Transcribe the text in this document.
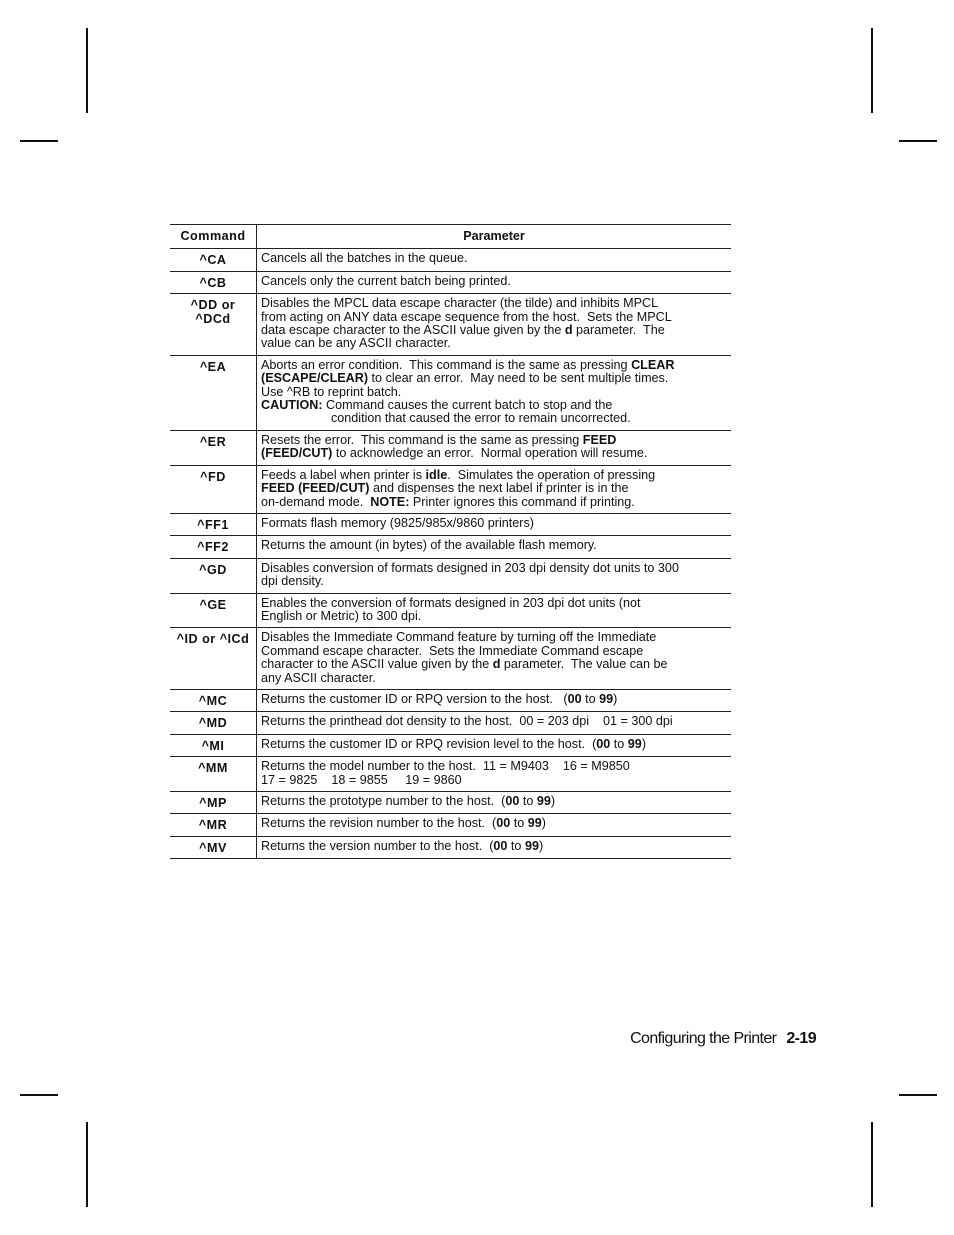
Command	Parameter

^CA	Cancels all the batches in the queue.

^CB	Cancels only the current batch being printed.

^DD or
^DCd	Disables the MPCL data escape character (the tilde) and inhibits MPCL
from acting on ANY data escape sequence from the host.  Sets the MPCL
data escape character to the ASCII value given by the d parameter.  The
value can be any ASCII character.

^EA	Aborts an error condition.  This command is the same as pressing CLEAR
(ESCAPE/CLEAR) to clear an error.  May need to be sent multiple times.
Use ^RB to reprint batch.
CAUTION: Command causes the current batch to stop and the
condition that caused the error to remain uncorrected.

^ER	Resets the error.  This command is the same as pressing FEED
(FEED/CUT) to acknowledge an error.  Normal operation will resume.

^FD	Feeds a label when printer is idle.  Simulates the operation of pressing
FEED (FEED/CUT) and dispenses the next label if printer is in the
on-demand mode.  NOTE: Printer ignores this command if printing.

^FF1	Formats flash memory (9825/985x/9860 printers)

^FF2	Returns the amount (in bytes) of the available flash memory.

^GD	Disables conversion of formats designed in 203 dpi density dot units to 300
dpi density.

^GE	Enables the conversion of formats designed in 203 dpi dot units (not
English or Metric) to 300 dpi.

^ID or ^ICd	Disables the Immediate Command feature by turning off the Immediate
Command escape character.  Sets the Immediate Command escape
character to the ASCII value given by the d parameter.  The value can be
any ASCII character.

^MC	Returns the customer ID or RPQ version to the host.   (00 to 99)

^MD	Returns the printhead dot density to the host.  00 = 203 dpi    01 = 300 dpi

^MI	Returns the customer ID or RPQ revision level to the host.  (00 to 99)

^MM	Returns the model number to the host.  11 = M9403    16 = M9850
17 = 9825    18 = 9855     19 = 9860

^MP	Returns the prototype number to the host.  (00 to 99)

^MR	Returns the revision number to the host.  (00 to 99)

^MV	Returns the version number to the host.  (00 to 99)
Configuring the Printer 2-19
